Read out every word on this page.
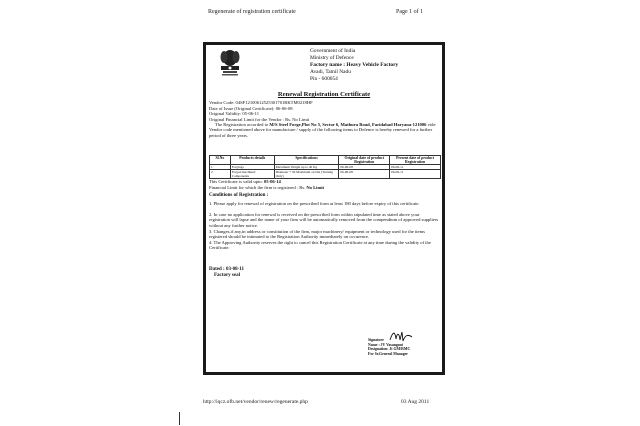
Regenerate of registration certificate	Page 1 of 1
Government of India
Ministry of Defence
Factory name : Heavy Vehicle Factory
Avadi, Tamil Nadu
Pin - 600054
Renewal Registration Certificate
Vendor Code: 04SF12100612525301701RKTM0218HF
Date of Issue (Original Certificate): 06-06-08
Original Validity: 05-06-11
Original Financial Limit for the Vendor : Rs. No Limit
The Registration accorded to M/S Steel Forge,Plot No 5, Sector 6, Mathura Road, Faridabad Haryana-121006 vide Vendor code mentioned above for manufacture / supply of the following items to Defence is hereby renewed for a further period of three years.
Sl.No	Products details	Specifications	Original date of product Registration	Present date of product Registration
1	Forgings	Maximum Weight up to 40 Kg	06-06-08	06-06-11
2	Forged machined Components	Diameter + 30 Maximum on Dia (Turning Only)	06-06-08	06-06-11
This Certificate is valid upto: 05-06-14
Financial Limit for which the firm is registered : Rs. No Limit
Conditions of Registration :
1. Please apply for renewal of registration on the prescribed form at least 180 days before expiry of this certificate.
2. In case no application for renewal is received on the prescribed form within stipulated time as stated above your registration will lapse and the name of your firm will be automatically removed from the compendium of approved suppliers without any further notice.
3. Changes,if any,in address or constitution of the firm, major machinery/ equipment or technology used for the items registered should be intimated to the Registration Authority immediately on occurence.
4. The Approving Authority reserves the right to cancel this Registration Certificate at any time during the validity of the Certificate.
Dated : 03-08-11
Factory seal
Signature
Name : JV Vasangani
Designation: Jt GM/RMC
For Sr.General Manager
http://iqcz.ofb.net/vendor/renew/regenerate.php	03 Aug 2011
